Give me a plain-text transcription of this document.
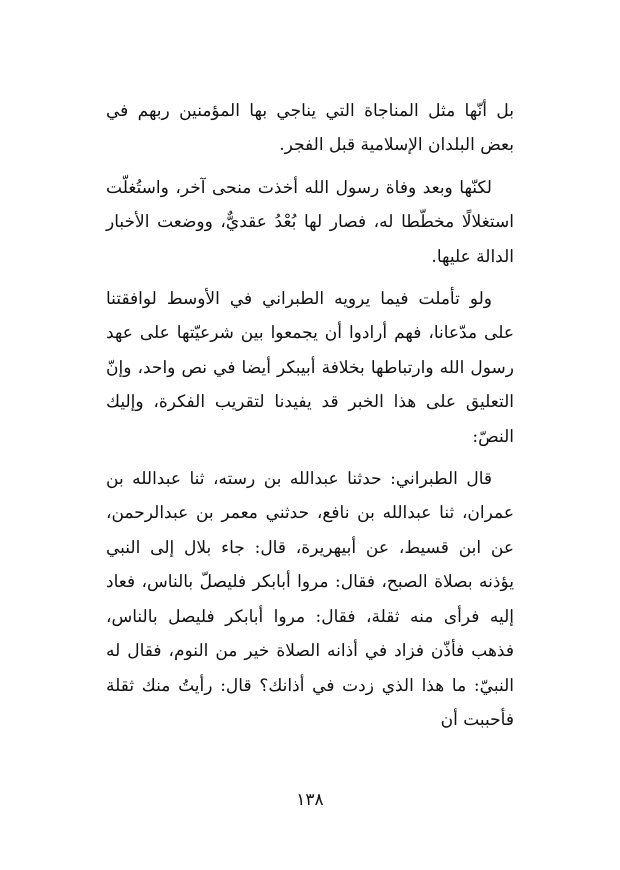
بل أنّها مثل المناجاة التي يناجي بها المؤمنين ربهم في بعض البلدان الإسلامية قبل الفجر.

لكنّها وبعد وفاة رسول الله أخذت منحى آخر، واستُغلّت استغلالًا مخطّطا له، فصار لها بُعْدُ عقديٌّ، ووضعت الأخبار الدالة عليها.

ولو تأملت فيما يرويه الطبراني في الأوسط لوافقتنا على مدّعانا، فهم أرادوا أن يجمعوا بين شرعيّتها على عهد رسول الله وارتباطها بخلافة أبيبكر أيضا في نص واحد، وإنّ التعليق على هذا الخبر قد يفيدنا لتقريب الفكرة، وإليك النصّ:

قال الطبراني: حدثنا عبدالله بن رسته، ثنا عبدالله بن عمران، ثنا عبدالله بن نافع، حدثني معمر بن عبدالرحمن، عن ابن قسيط، عن أبيهريرة، قال: جاء بلال إلى النبي يؤذنه بصلاة الصبح، فقال: مروا أبابكر فليصلّ بالناس، فعاد إليه فرأى منه ثقلة، فقال: مروا أبابكر فليصل بالناس، فذهب فأذّن فزاد في أذانه الصلاة خير من النوم، فقال له النبيّ: ما هذا الذي زدت في أذانك؟ قال: رأيتُ منك ثقلة فأحببت أن

١٣٨
